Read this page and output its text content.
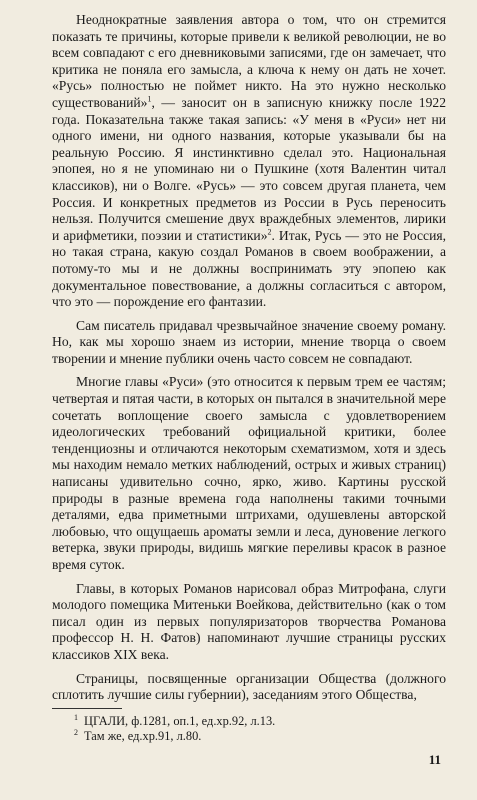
Неоднократные заявления автора о том, что он стремится показать те причины, которые привели к великой революции, не во всем совпадают с его дневниковыми записями, где он замечает, что критика не поняла его замысла, а ключа к нему он дать не хочет. «Русь» полностью не поймет никто. На это нужно несколько существований»$^1$, — заносит он в записную книжку после 1922 года. Показательна также такая запись: «У меня в «Руси» нет ни одного имени, ни одного названия, которые указывали бы на реальную Россию. Я инстинктивно сделал это. Национальная эпопея, но я не упоминаю ни о Пушкине (хотя Валентин читал классиков), ни о Волге. «Русь» — это совсем другая планета, чем Россия. И конкретных предметов из России в Русь переносить нельзя. Получится смешение двух враждебных элементов, лирики и арифметики, поэзии и статистики»$^2$. Итак, Русь — это не Россия, но такая страна, какую создал Романов в своем воображении, а потому-то мы и не должны воспринимать эту эпопею как документальное повествование, а должны соглаcиться с автором, что это — порождение его фантазии.

Сам писатель придавал чрезвычайное значение своему роману. Но, как мы хорошо знаем из истории, мнение творца о своем творении и мнение публики очень часто совсем не совпадают.

Многие главы «Руси» (это относится к первым трем ее частям; четвертая и пятая части, в которых он пытался в значительной мере сочетать воплощение своего замысла с удовлетворением идеологических требований официальной критики, более тенденциозны и отличаются некоторым схематизмом, хотя и здесь мы находим немало метких наблюдений, острых и живых страниц) написаны удивительно сочно, ярко, живо. Картины русской природы в разные времена года наполнены такими точными деталями, едва приметными штрихами, одушевлены авторской любовью, что ощущаешь ароматы земли и леса, дуновение легкого ветерка, звуки природы, видишь мягкие переливы красок в разное время суток.

Главы, в которых Романов нарисовал образ Митрофана, слуги молодого помещика Митеньки Воейкова, действительно (как о том писал один из первых популяризаторов творчества Романова профессор Н. Н. Фатов) напоминают лучшие страницы русских классиков XIX века.

Страницы, посвященные организации Общества (должного сплотить лучшие силы губернии), заседаниям этого Общества,

$^1$ ЦГАЛИ, ф.1281, оп.1, ед.хр.92, л.13.
$^2$ Там же, ед.хр.91, л.80.
11
